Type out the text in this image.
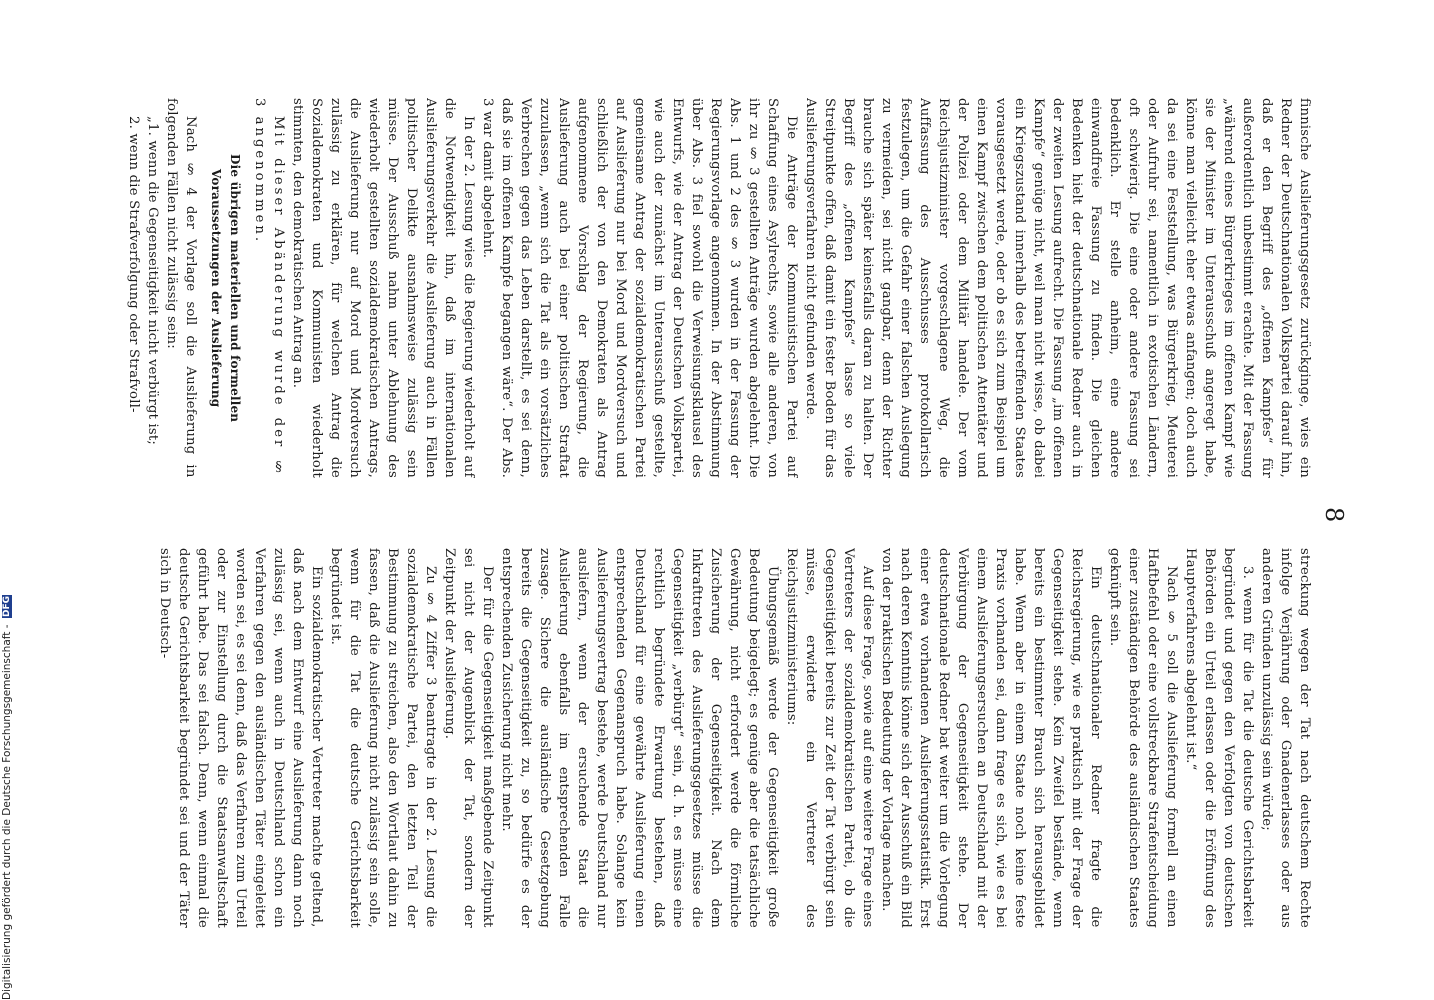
8

finnische Auslieferungsgesetz zurückginge, wies ein Redner der Deutschnationalen Volkspartei darauf hin, daß er den Begriff des „offenen Kampfes“ für außerordentlich unbestimmt erachte. Mit der Fassung „während eines Bürgerkrieges im offenen Kampf wie sie der Minister im Unterausschuß angeregt habe, könne man vielleicht eher etwas anfangen; doch auch da sei eine Feststellung, was Bürgerkrieg, Meuterei oder Aufruhr sei, namentlich in exotischen Ländern, oft schwierig. Die eine oder andere Fassung sei bedenklich. Er stelle anheim, eine andere einwandfreie Fassung zu finden. Die gleichen Bedenken hielt der deutschnationale Redner auch in der zweiten Lesung aufrecht. Die Fassung „im offenen Kampfe“ genüge nicht, weil man nicht wisse, ob dabei ein Kriegszustand innerhalb des betreffenden Staates vorausgesetzt werde, oder ob es sich zum Beispiel um einen Kampf zwischen dem politischen Attentäter und der Polizei oder dem Militär handele. Der vom Reichsjustizminister vorgeschlagene Weg, die Auffassung des Ausschusses protokollarisch festzulegen, um die Gefahr einer falschen Auslegung zu vermeiden, sei nicht gangbar, denn der Richter brauche sich später keinesfalls daran zu halten. Der Begriff des „offenen Kampfes“ lasse so viele Streitpunkte offen, daß damit ein fester Boden für das Auslieferungsverfahren nicht gefunden werde.

Die Anträge der Kommunistischen Partei auf Schaffung eines Asylrechts, sowie alle anderen, von ihr zu § 3 gestellten Anträge wurden abgelehnt. Die Abs. 1 und 2 des § 3 wurden in der Fassung der Regierungsvorlage angenommen. In der Abstimmung über Abs. 3 fiel sowohl die Verweisungsklausel des Entwurfs, wie der Antrag der Deutschen Volkspartei, wie auch der zunächst im Unterausschuß gestellte, gemeinsame Antrag der sozialdemokratischen Partei auf Auslieferung nur bei Mord und Mordversuch und schließlich der von den Demokraten als Antrag aufgenommene Vorschlag der Regierung, die Auslieferung auch bei einer politischen Straftat zuzulassen, „wenn sich die Tat als ein vorsätzliches Verbrechen gegen das Leben darstellt, es sei denn, daß sie im offenen Kampfe begangen wäre“. Der Abs. 3 war damit abgelehnt.

In der 2. Lesung wies die Regierung wiederholt auf die Notwendigkeit hin, daß im internationalen Auslieferungsverkehr die Auslieferung auch in Fällen politischer Delikte ausnahmsweise zulässig sein müsse. Der Ausschuß nahm unter Ablehnung des wiederholt gestellten sozialdemokratischen Antrags, die Auslieferung nur auf Mord und Mordversuch zulässig zu erklären, für welchen Antrag die Sozialdemokraten und Kommunisten wiederholt stimmten, den demokratischen Antrag an.

Mit dieser Abänderung wurde der § 3 angenommen.

Die übrigen materiellen und formellen Voraussetzungen der Auslieferung

Nach § 4 der Vorlage soll die Auslieferung in folgenden Fällen nicht zulässig sein:

„1. wenn die Gegenseitigkeit nicht verbürgt ist;

2. wenn die Strafverfolgung oder Strafvoll-

streckung wegen der Tat nach deutschem Rechte infolge Verjährung oder Gnadenerlasses oder aus anderen Gründen unzulässig sein würde;

3. wenn für die Tat die deutsche Gerichtsbarkeit begründet und gegen den Verfolgten von deutschen Behörden ein Urteil erlassen oder die Eröffnung des Hauptverfahrens abgelehnt ist.“

Nach § 5 soll die Auslieferung formell an einen Haftbefehl oder eine vollstreckbare Strafentscheidung einer zuständigen Behörde des ausländischen Staates geknüpft sein.

Ein deutschnationaler Redner fragte die Reichsregierung, wie es praktisch mit der Frage der Gegenseitigkeit stehe. Kein Zweifel bestände, wenn bereits ein bestimmter Brauch sich herausgebildet habe. Wenn aber in einem Staate noch keine feste Praxis vorhanden sei, dann frage es sich, wie es bei einem Auslieferungsersuchen an Deutschland mit der Verbürgung der Gegenseitigkeit stehe. Der deutschnationale Redner bat weiter um die Vorlegung einer etwa vorhandenen Auslieferungsstatistik. Erst nach deren Kenntnis könne sich der Ausschuß ein Bild von der praktischen Bedeutung der Vorlage machen.

Auf diese Frage, sowie auf eine weitere Frage eines Vertreters der sozialdemokratischen Partei, ob die Gegenseitigkeit bereits zur Zeit der Tat verbürgt sein müsse, erwiderte ein Vertreter des Reichsjustizministeriums:

Übungsgemäß werde der Gegenseitigkeit große Bedeutung beigelegt; es genüge aber die tatsächliche Gewährung, nicht erfordert werde die förmliche Zusicherung der Gegenseitigkeit. Nach dem Inkrafttreten des Auslieferungsgesetzes müsse die Gegenseitigkeit „verbürgt“ sein, d. h. es müsse eine rechtlich begründete Erwartung bestehen, daß Deutschland für eine gewährte Auslieferung einen entsprechenden Gegenanspruch habe. Solange kein Auslieferungsvertrag bestehe, werde Deutschland nur ausliefern, wenn der ersuchende Staat die Auslieferung ebenfalls im entsprechenden Falle zusage. Sichere die ausländische Gesetzgebung bereits die Gegenseitigkeit zu, so bedürfe es der entsprechenden Zusicherung nicht mehr.

Der für die Gegenseitigkeit maßgebende Zeitpunkt sei nicht der Augenblick der Tat, sondern der Zeitpunkt der Auslieferung.

Zu § 4 Ziffer 3 beantragte in der 2. Lesung die sozialdemokratische Partei, den letzten Teil der Bestimmung zu streichen, also den Wortlaut dahin zu fassen, daß die Auslieferung nicht zulässig sein solle, wenn für die Tat die deutsche Gerichtsbarkeit begründet ist.

Ein sozialdemokratischer Vertreter machte geltend, daß nach dem Entwurf eine Auslieferung dann noch zulässig sei, wenn auch in Deutschland schon ein Verfahren gegen den ausländischen Täter eingeleitet worden sei, es sei denn, daß das Verfahren zum Urteil oder zur Einstellung durch die Staatsanwaltschaft geführt habe. Das sei falsch. Denn, wenn einmal die deutsche Gerichtsbarkeit begründet sei und der Täter sich in Deutsch-

Digitalisierung gefördert durch die Deutsche Forschungsgemeinschaft -
DFG
